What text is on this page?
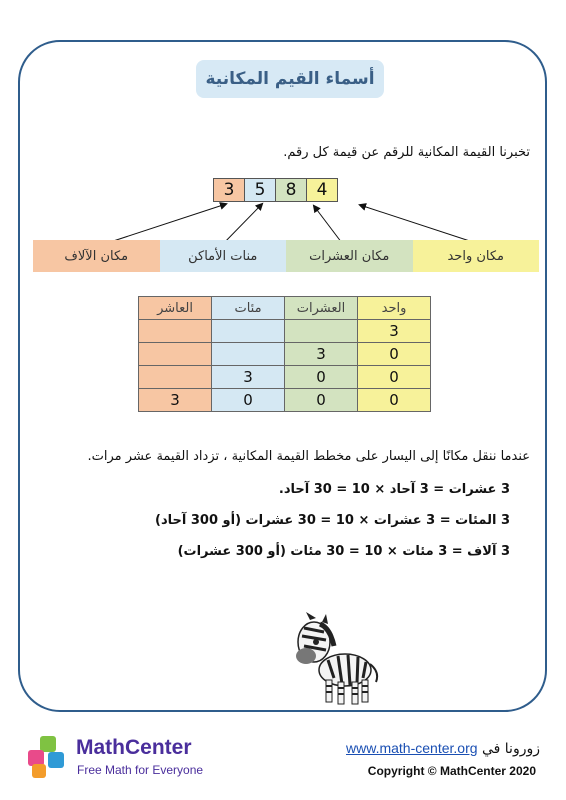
أسماء القيم المكانية
تخبرنا القيمة المكانية للرقم عن قيمة كل رقم.
3	5	8	4
مكان الآلاف	منات الأماكن	مكان العشرات	مكان واحد
العاشر	مئات	العشرات	واحد
			3
		3	0
	3	0	0
3	0	0	0
عندما ننقل مكانًا إلى اليسار على مخطط القيمة المكانية ، تزداد القيمة عشر مرات.
3 عشرات = 3 آحاد × 10 = 30 آحاد.
3 المئات = 3 عشرات × 10 = 30 عشرات (أو 300 آحاد)
3 آلاف = 3 مئات × 10 = 30 مئات (أو 300 عشرات)
MathCenter
Free Math for Everyone
زورونا في www.math-center.org
Copyright © MathCenter 2020
